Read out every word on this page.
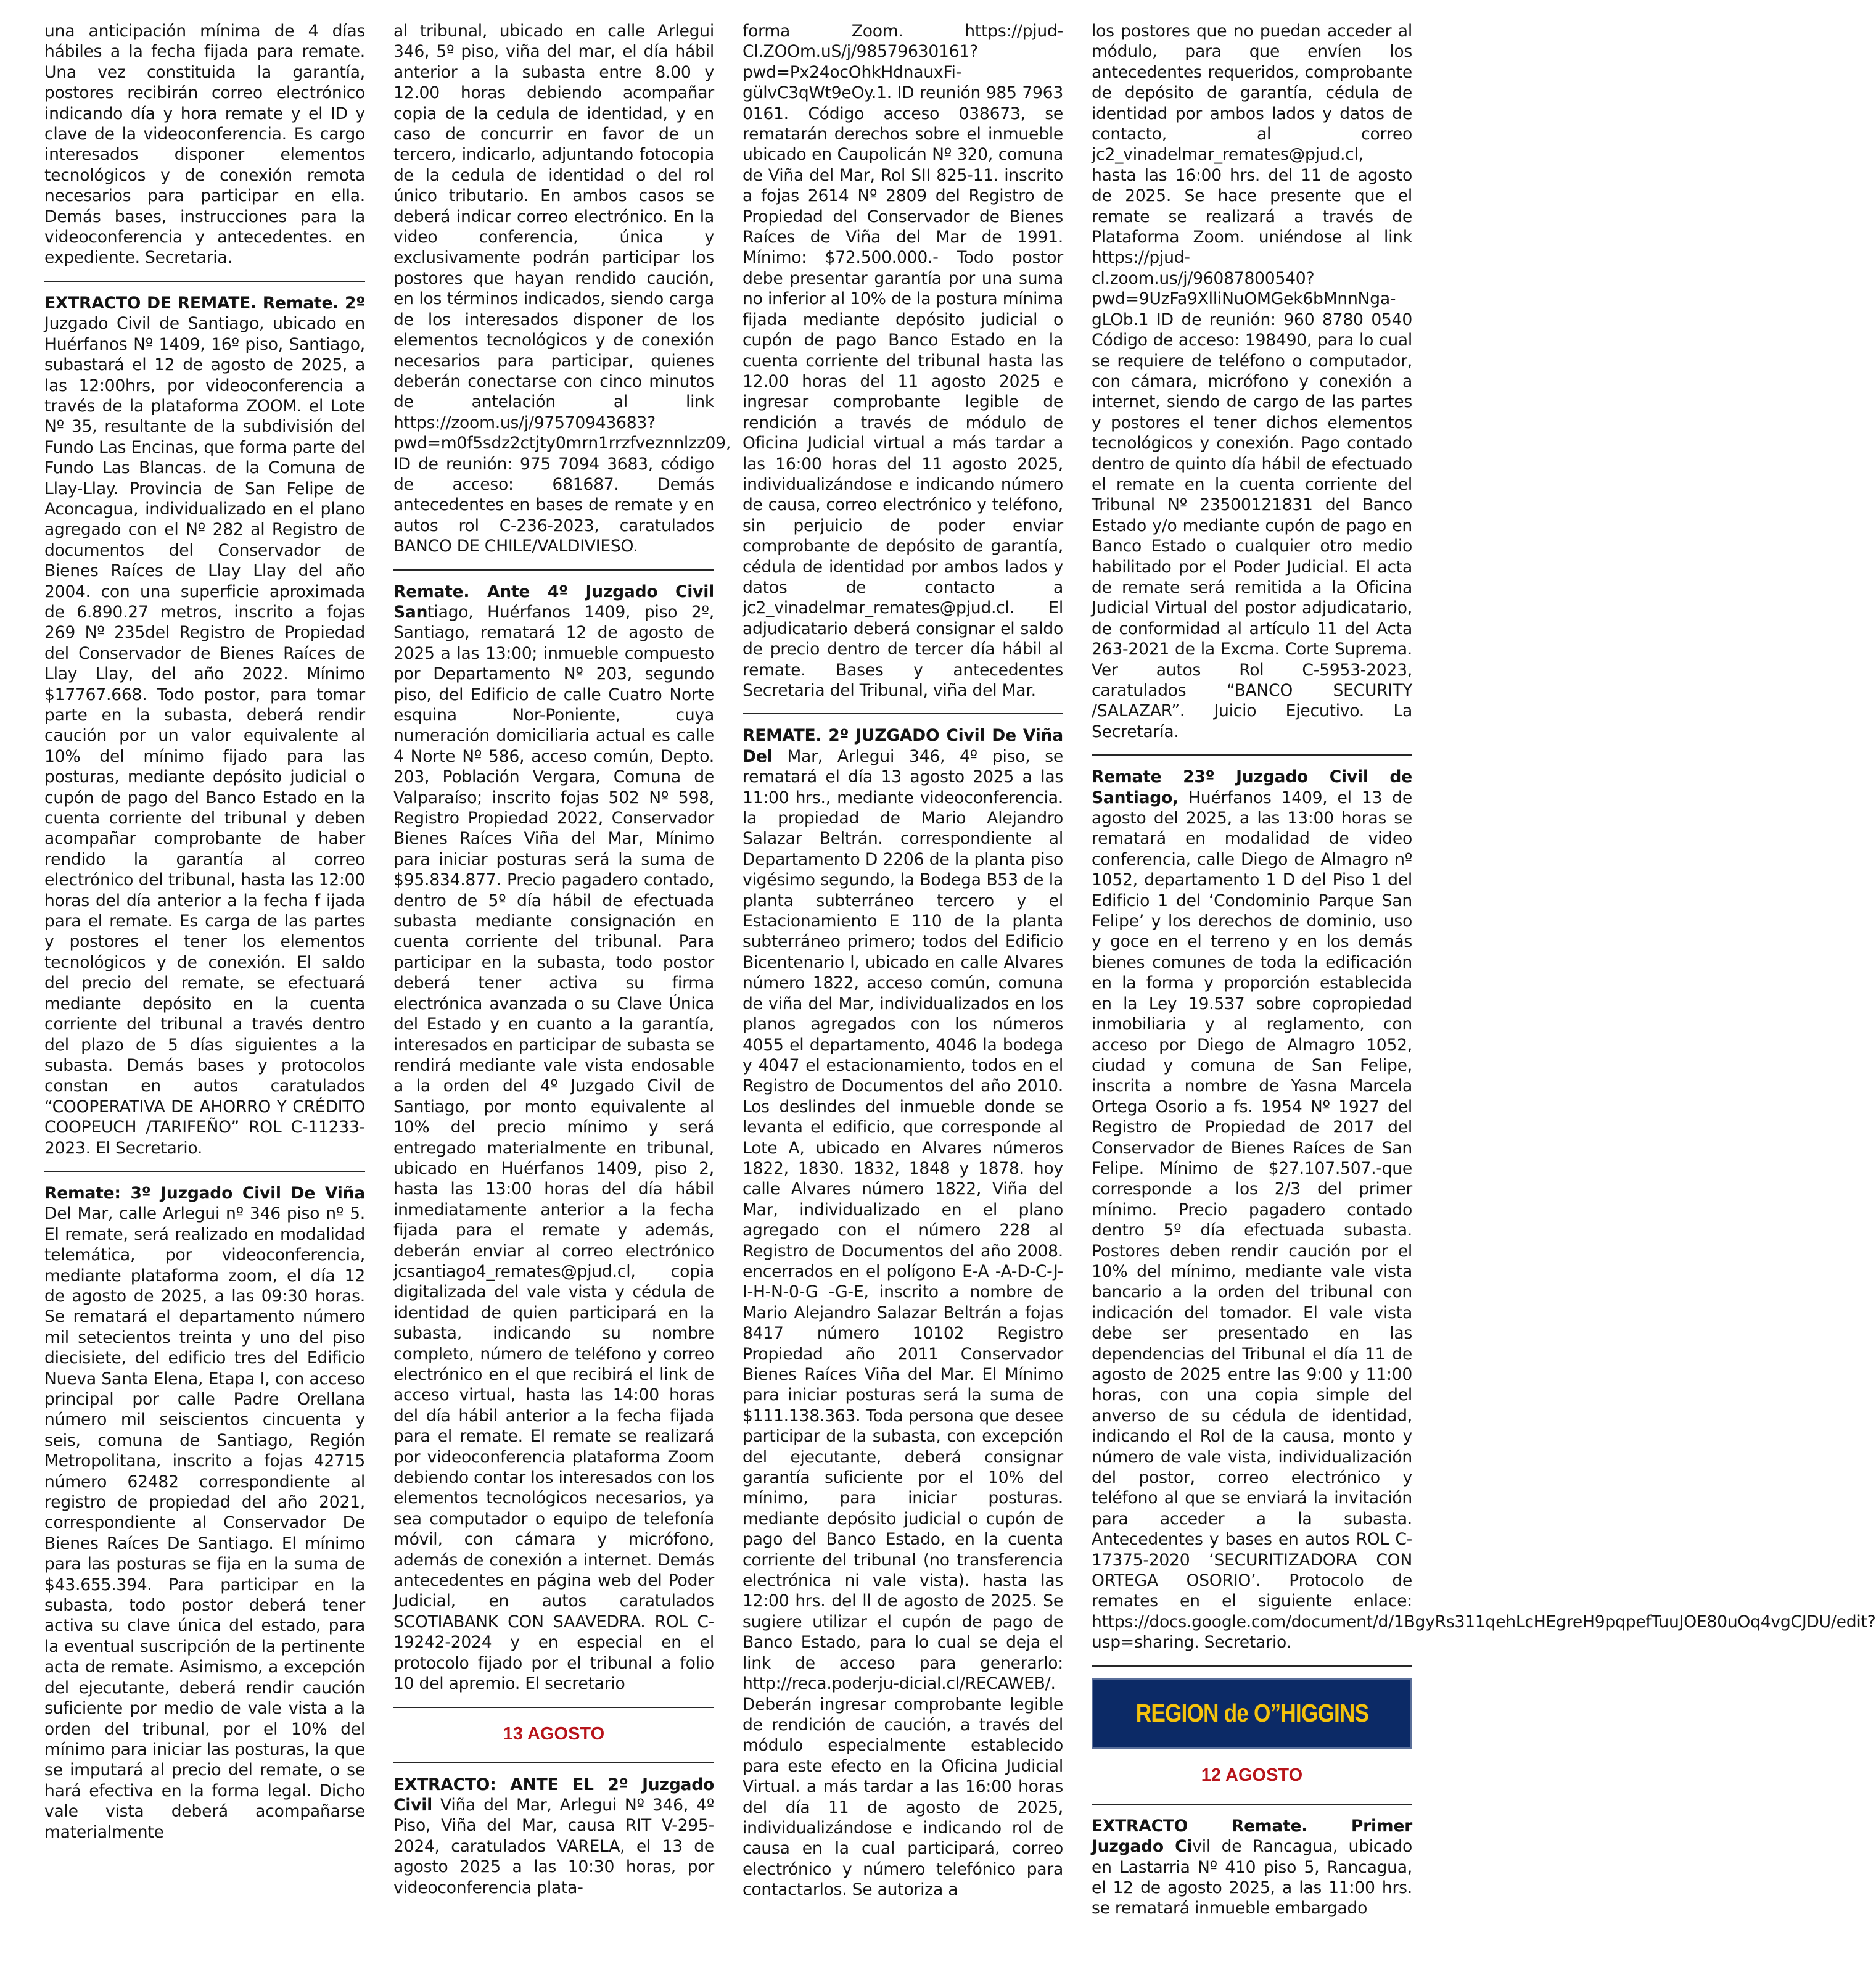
una anticipación mínima de 4 días hábiles a la fecha fijada para remate. Una vez constituida la garantía, postores recibirán correo electrónico indicando día y hora remate y el ID y clave de la videoconferencia. Es cargo interesados disponer elementos tecnológicos y de conexión remota necesarios para participar en ella. Demás bases, instrucciones para la videoconferencia y antecedentes. en expediente. Secretaria.

EXTRACTO DE REMATE. Remate. 2º Juzgado Civil de Santiago, ubicado en Huérfanos Nº 1409, 16º piso, Santiago, subastará el 12 de agosto de 2025, a las 12:00hrs, por videoconferencia a través de la plataforma ZOOM. el Lote Nº 35, resultante de la subdivisión del Fundo Las Encinas, que forma parte del Fundo Las Blancas. de la Comuna de Llay-Llay. Provincia de San Felipe de Aconcagua, individualizado en el plano agregado con el Nº 282 al Registro de documentos del Conservador de Bienes Raíces de Llay Llay del año 2004. con una superficie aproximada de 6.890.27 metros, inscrito a fojas 269 Nº 235del Registro de Propiedad del Conservador de Bienes Raíces de Llay Llay, del año 2022. Mínimo $17767.668. Todo postor, para tomar parte en la subasta, deberá rendir caución por un valor equivalente al 10% del mínimo fijado para las posturas, mediante depósito judicial o cupón de pago del Banco Estado en la cuenta corriente del tribunal y deben acompañar comprobante de haber rendido la garantía al correo electrónico del tribunal, hasta las 12:00 horas del día anterior a la fecha f ijada para el remate. Es carga de las partes y postores el tener los elementos tecnológicos y de conexión. El saldo del precio del remate, se efectuará mediante depósito en la cuenta corriente del tribunal a través dentro del plazo de 5 días siguientes a la subasta. Demás bases y protocolos constan en autos caratulados “COOPERATIVA DE AHORRO Y CRÉDITO COOPEUCH /TARIFEÑO” ROL C-11233-2023. El Secretario.

Remate: 3º Juzgado Civil De Viña Del Mar, calle Arlegui nº 346 piso nº 5. El remate, será realizado en modalidad telemática, por videoconferencia, mediante plataforma zoom, el día 12 de agosto de 2025, a las 09:30 horas. Se rematará el departamento número mil setecientos treinta y uno del piso diecisiete, del edificio tres del Edificio Nueva Santa Elena, Etapa I, con acceso principal por calle Padre Orellana número mil seiscientos cincuenta y seis, comuna de Santiago, Región Metropolitana, inscrito a fojas 42715 número 62482 correspondiente al registro de propiedad del año 2021, correspondiente al Conservador De Bienes Raíces De Santiago. El mínimo para las posturas se fija en la suma de $43.655.394. Para participar en la subasta, todo postor deberá tener activa su clave única del estado, para la eventual suscripción de la pertinente acta de remate. Asimismo, a excepción del ejecutante, deberá rendir caución suficiente por medio de vale vista a la orden del tribunal, por el 10% del mínimo para iniciar las posturas, la que se imputará al precio del remate, o se hará efectiva en la forma legal. Dicho vale vista deberá acompañarse materialmente

al tribunal, ubicado en calle Arlegui 346, 5º piso, viña del mar, el día hábil anterior a la subasta entre 8.00 y 12.00 horas debiendo acompañar copia de la cedula de identidad, y en caso de concurrir en favor de un tercero, indicarlo, adjuntando fotocopia de la cedula de identidad o del rol único tributario. En ambos casos se deberá indicar correo electrónico. En la video conferencia, única y exclusivamente podrán participar los postores que hayan rendido caución, en los términos indicados, siendo carga de los interesados disponer de los elementos tecnológicos y de conexión necesarios para participar, quienes deberán conectarse con cinco minutos de antelación al link https://zoom.us/j/97570943683?pwd=m0f5sdz2ctjty0mrn1rrzfveznnlzz09, ID de reunión: 975 7094 3683, código de acceso: 681687. Demás antecedentes en bases de remate y en autos rol C-236-2023, caratulados BANCO DE CHILE/VALDIVIESO.

Remate. Ante 4º Juzgado Civil Santiago, Huérfanos 1409, piso 2º, Santiago, rematará 12 de agosto de 2025 a las 13:00; inmueble compuesto por Departamento Nº 203, segundo piso, del Edificio de calle Cuatro Norte esquina Nor-Poniente, cuya numeración domiciliaria actual es calle 4 Norte Nº 586, acceso común, Depto. 203, Población Vergara, Comuna de Valparaíso; inscrito fojas 502 Nº 598, Registro Propiedad 2022, Conservador Bienes Raíces Viña del Mar, Mínimo para iniciar posturas será la suma de $95.834.877. Precio pagadero contado, dentro de 5º día hábil de efectuada subasta mediante consignación en cuenta corriente del tribunal. Para participar en la subasta, todo postor deberá tener activa su firma electrónica avanzada o su Clave Única del Estado y en cuanto a la garantía, interesados en participar de subasta se rendirá mediante vale vista endosable a la orden del 4º Juzgado Civil de Santiago, por monto equivalente al 10% del precio mínimo y será entregado materialmente en tribunal, ubicado en Huérfanos 1409, piso 2, hasta las 13:00 horas del día hábil inmediatamente anterior a la fecha fijada para el remate y además, deberán enviar al correo electrónico jcsantiago4_remates@pjud.cl, copia digitalizada del vale vista y cédula de identidad de quien participará en la subasta, indicando su nombre completo, número de teléfono y correo electrónico en el que recibirá el link de acceso virtual, hasta las 14:00 horas del día hábil anterior a la fecha fijada para el remate. El remate se realizará por videoconferencia plataforma Zoom debiendo contar los interesados con los elementos tecnológicos necesarios, ya sea computador o equipo de telefonía móvil, con cámara y micrófono, además de conexión a internet. Demás antecedentes en página web del Poder Judicial, en autos caratulados SCOTIABANK CON SAAVEDRA. ROL C-19242-2024 y en especial en el protocolo fijado por el tribunal a folio 10 del apremio. El secretario

13 AGOSTO

EXTRACTO: ANTE EL 2º Juzgado Civil Viña del Mar, Arlegui Nº 346, 4º Piso, Viña del Mar, causa RIT V-295-2024, caratulados VARELA, el 13 de agosto 2025 a las 10:30 horas, por videoconferencia plata-

forma Zoom. https://pjud-Cl.ZOOm.uS/j/98579630161?pwd=Px24ocOhkHdnauxFi-gülvC3qWt9eOy.1. ID reunión 985 7963 0161. Código acceso 038673, se rematarán derechos sobre el inmueble ubicado en Caupolicán Nº 320, comuna de Viña del Mar, Rol SII 825-11. inscrito a fojas 2614 Nº 2809 del Registro de Propiedad del Conservador de Bienes Raíces de Viña del Mar de 1991. Mínimo: $72.500.000.- Todo postor debe presentar garantía por una suma no inferior al 10% de la postura mínima fijada mediante depósito judicial o cupón de pago Banco Estado en la cuenta corriente del tribunal hasta las 12.00 horas del 11 agosto 2025 e ingresar comprobante legible de rendición a través de módulo de Oficina Judicial virtual a más tardar a las 16:00 horas del 11 agosto 2025, individualizándose e indicando número de causa, correo electrónico y teléfono, sin perjuicio de poder enviar comprobante de depósito de garantía, cédula de identidad por ambos lados y datos de contacto a jc2_vinadelmar_remates@pjud.cl. El adjudicatario deberá consignar el saldo de precio dentro de tercer día hábil al remate. Bases y antecedentes Secretaria del Tribunal, viña del Mar.

REMATE. 2º JUZGADO Civil De Viña Del Mar, Arlegui 346, 4º piso, se rematará el día 13 agosto 2025 a las 11:00 hrs., mediante videoconferencia. la propiedad de Mario Alejandro Salazar Beltrán. correspondiente al Departamento D 2206 de la planta piso vigésimo segundo, la Bodega B53 de la planta subterráneo tercero y el Estacionamiento E 110 de la planta subterráneo primero; todos del Edificio Bicentenario l, ubicado en calle Alvares número 1822, acceso común, comuna de viña del Mar, individualizados en los planos agregados con los números 4055 el departamento, 4046 la bodega y 4047 el estacionamiento, todos en el Registro de Documentos del año 2010. Los deslindes del inmueble donde se levanta el edificio, que corresponde al Lote A, ubicado en Alvares números 1822, 1830. 1832, 1848 y 1878. hoy calle Alvares número 1822, Viña del Mar, individualizado en el plano agregado con el número 228 al Registro de Documentos del año 2008. encerrados en el polígono E-A -A-D-C-J-I-H-N-0-G -G-E, inscrito a nombre de Mario Alejandro Salazar Beltrán a fojas 8417 número 10102 Registro Propiedad año 2011 Conservador Bienes Raíces Viña del Mar. El Mínimo para iniciar posturas será la suma de $111.138.363. Toda persona que desee participar de la subasta, con excepción del ejecutante, deberá consignar garantía suficiente por el 10% del mínimo, para iniciar posturas. mediante depósito judicial o cupón de pago del Banco Estado, en la cuenta corriente del tribunal (no transferencia electrónica ni vale vista). hasta las 12:00 hrs. del ll de agosto de 2025. Se sugiere utilizar el cupón de pago de Banco Estado, para lo cual se deja el link de acceso para generarlo: http://reca.poderju-dicial.cl/RECAWEB/. Deberán ingresar comprobante legible de rendición de caución, a través del módulo especialmente establecido para este efecto en la Oficina Judicial Virtual. a más tardar a las 16:00 horas del día 11 de agosto de 2025, individualizándose e indicando rol de causa en la cual participará, correo electrónico y número telefónico para contactarlos. Se autoriza a

los postores que no puedan acceder al módulo, para que envíen los antecedentes requeridos, comprobante de depósito de garantía, cédula de identidad por ambos lados y datos de contacto, al correo jc2_vinadelmar_remates@pjud.cl, hasta las 16:00 hrs. del 11 de agosto de 2025. Se hace presente que el remate se realizará a través de Plataforma Zoom. uniéndose al link https://pjud-cl.zoom.us/j/96087800540?pwd=9UzFa9XlliNuOMGek6bMnnNga-gLOb.1 ID de reunión: 960 8780 0540 Código de acceso: 198490, para lo cual se requiere de teléfono o computador, con cámara, micrófono y conexión a internet, siendo de cargo de las partes y postores el tener dichos elementos tecnológicos y conexión. Pago contado dentro de quinto día hábil de efectuado el remate en la cuenta corriente del Tribunal Nº 23500121831 del Banco Estado y/o mediante cupón de pago en Banco Estado o cualquier otro medio habilitado por el Poder Judicial. El acta de remate será remitida a la Oficina Judicial Virtual del postor adjudicatario, de conformidad al artículo 11 del Acta 263-2021 de la Excma. Corte Suprema. Ver autos Rol C-5953-2023, caratulados “BANCO SECURITY /SALAZAR”. Juicio Ejecutivo. La Secretaría.

Remate 23º Juzgado Civil de Santiago, Huérfanos 1409, el 13 de agosto del 2025, a las 13:00 horas se rematará en modalidad de video conferencia, calle Diego de Almagro nº 1052, departamento 1 D del Piso 1 del Edificio 1 del ‘Condominio Parque San Felipe’ y los derechos de dominio, uso y goce en el terreno y en los demás bienes comunes de toda la edificación en la forma y proporción establecida en la Ley 19.537 sobre copropiedad inmobiliaria y al reglamento, con acceso por Diego de Almagro 1052, ciudad y comuna de San Felipe, inscrita a nombre de Yasna Marcela Ortega Osorio a fs. 1954 Nº 1927 del Registro de Propiedad de 2017 del Conservador de Bienes Raíces de San Felipe. Mínimo de $27.107.507.-que corresponde a los 2/3 del primer mínimo. Precio pagadero contado dentro 5º día efectuada subasta. Postores deben rendir caución por el 10% del mínimo, mediante vale vista bancario a la orden del tribunal con indicación del tomador. El vale vista debe ser presentado en las dependencias del Tribunal el día 11 de agosto de 2025 entre las 9:00 y 11:00 horas, con una copia simple del anverso de su cédula de identidad, indicando el Rol de la causa, monto y número de vale vista, individualización del postor, correo electrónico y teléfono al que se enviará la invitación para acceder a la subasta. Antecedentes y bases en autos ROL C-17375-2020 ‘SECURITIZADORA CON ORTEGA OSORIO’. Protocolo de remates en el siguiente enlace: https://docs.google.com/document/d/1BgyRs311qehLcHEgreH9pqpefTuuJOE80uOq4vgCJDU/edit?usp=sharing. Secretario.

REGION de O”HIGGINS
12 AGOSTO

EXTRACTO Remate. Primer Juzgado Civil de Rancagua, ubicado en Lastarria Nº 410 piso 5, Rancagua, el 12 de agosto 2025, a las 11:00 hrs. se rematará inmueble embargado
